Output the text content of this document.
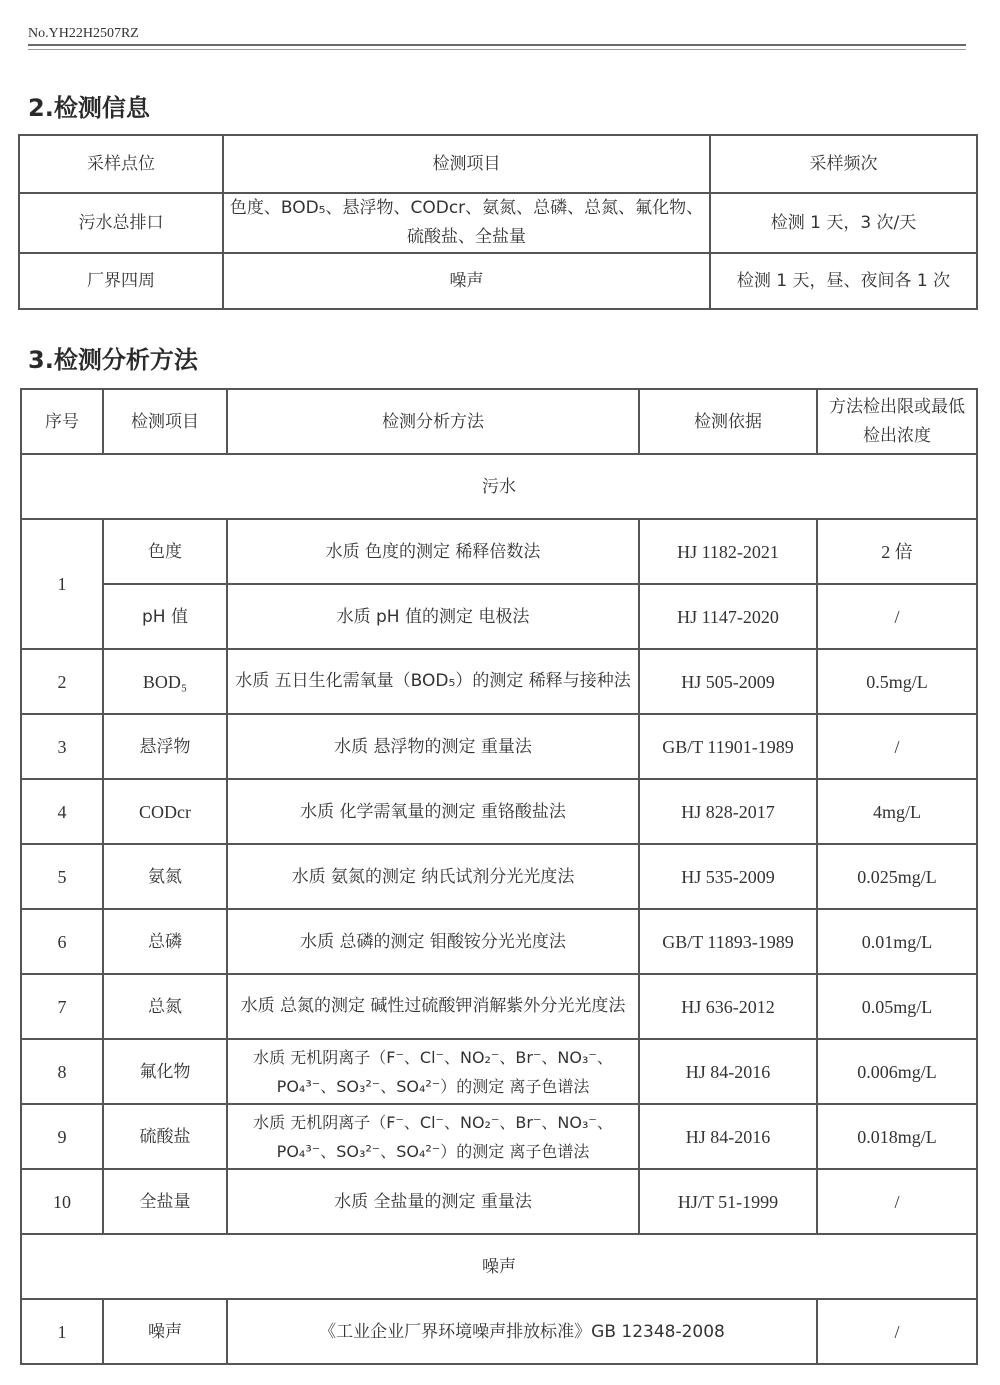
No.YH22H2507RZ
2.检测信息
采样点位	检测项目	采样频次
污水总排口	色度、BOD₅、悬浮物、CODcr、氨氮、总磷、总氮、氟化物、硫酸盐、全盐量	检测 1 天，3 次/天
厂界四周	噪声	检测 1 天，昼、夜间各 1 次
3.检测分析方法
序号	检测项目	检测分析方法	检测依据	方法检出限或最低检出浓度
污水				
1	色度	水质 色度的测定 稀释倍数法	HJ 1182-2021	2 倍
	pH 值	水质 pH 值的测定 电极法	HJ 1147-2020	/
2	BOD₅	水质 五日生化需氧量（BOD₅）的测定 稀释与接种法	HJ 505-2009	0.5mg/L
3	悬浮物	水质 悬浮物的测定 重量法	GB/T 11901-1989	/
4	CODcr	水质 化学需氧量的测定 重铬酸盐法	HJ 828-2017	4mg/L
5	氨氮	水质 氨氮的测定 纳氏试剂分光光度法	HJ 535-2009	0.025mg/L
6	总磷	水质 总磷的测定 钼酸铵分光光度法	GB/T 11893-1989	0.01mg/L
7	总氮	水质 总氮的测定 碱性过硫酸钾消解紫外分光光度法	HJ 636-2012	0.05mg/L
8	氟化物	水质 无机阴离子（F⁻、Cl⁻、NO₂⁻、Br⁻、NO₃⁻、PO₄³⁻、SO₃²⁻、SO₄²⁻）的测定 离子色谱法	HJ 84-2016	0.006mg/L
9	硫酸盐	水质 无机阴离子（F⁻、Cl⁻、NO₂⁻、Br⁻、NO₃⁻、PO₄³⁻、SO₃²⁻、SO₄²⁻）的测定 离子色谱法	HJ 84-2016	0.018mg/L
10	全盐量	水质 全盐量的测定 重量法	HJ/T 51-1999	/
噪声				
1	噪声	《工业企业厂界环境噪声排放标准》GB 12348-2008		/
